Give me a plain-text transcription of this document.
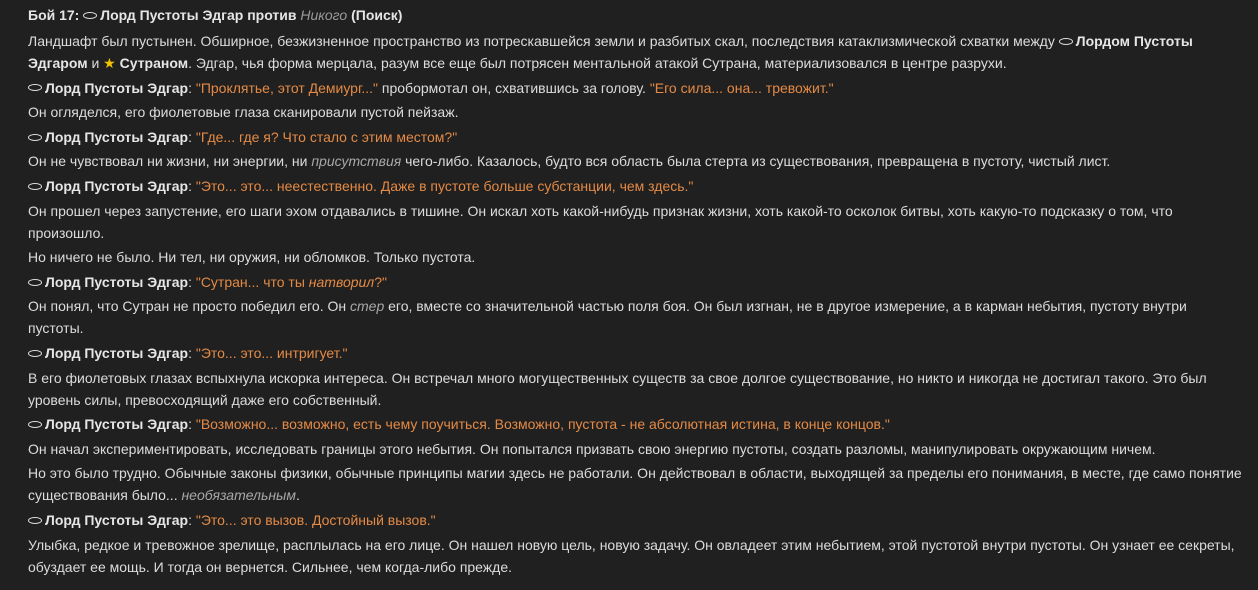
Бой 17: Лорд Пустоты Эдгар против Никого (Поиск)
Ландшафт был пустынен. Обширное, безжизненное пространство из потрескавшейся земли и разбитых скал, последствия катаклизмической схватки между Лордом Пустоты Эдгаром и ★ Сутраном. Эдгар, чья форма мерцала, разум все еще был потрясен ментальной атакой Сутрана, материализовался в центре разрухи.
Лорд Пустоты Эдгар: "Проклятье, этот Демиург..." пробормотал он, схватившись за голову. "Его сила... она... тревожит."
Он огляделся, его фиолетовые глаза сканировали пустой пейзаж.
Лорд Пустоты Эдгар: "Где... где я? Что стало с этим местом?"
Он не чувствовал ни жизни, ни энергии, ни присутствия чего-либо. Казалось, будто вся область была стерта из существования, превращена в пустоту, чистый лист.
Лорд Пустоты Эдгар: "Это... это... неестественно. Даже в пустоте больше субстанции, чем здесь."
Он прошел через запустение, его шаги эхом отдавались в тишине. Он искал хоть какой-нибудь признак жизни, хоть какой-то осколок битвы, хоть какую-то подсказку о том, что произошло.
Но ничего не было. Ни тел, ни оружия, ни обломков. Только пустота.
Лорд Пустоты Эдгар: "Сутран... что ты натворил?"
Он понял, что Сутран не просто победил его. Он стер его, вместе со значительной частью поля боя. Он был изгнан, не в другое измерение, а в карман небытия, пустоту внутри пустоты.
Лорд Пустоты Эдгар: "Это... это... интригует."
В его фиолетовых глазах вспыхнула искорка интереса. Он встречал много могущественных существ за свое долгое существование, но никто и никогда не достигал такого. Это был уровень силы, превосходящий даже его собственный.
Лорд Пустоты Эдгар: "Возможно... возможно, есть чему поучиться. Возможно, пустота - не абсолютная истина, в конце концов."
Он начал экспериментировать, исследовать границы этого небытия. Он попытался призвать свою энергию пустоты, создать разломы, манипулировать окружающим ничем.
Но это было трудно. Обычные законы физики, обычные принципы магии здесь не работали. Он действовал в области, выходящей за пределы его понимания, в месте, где само понятие существования было... необязательным.
Лорд Пустоты Эдгар: "Это... это вызов. Достойный вызов."
Улыбка, редкое и тревожное зрелище, расплылась на его лице. Он нашел новую цель, новую задачу. Он овладеет этим небытием, этой пустотой внутри пустоты. Он узнает ее секреты, обуздает ее мощь. И тогда он вернется. Сильнее, чем когда-либо прежде.
